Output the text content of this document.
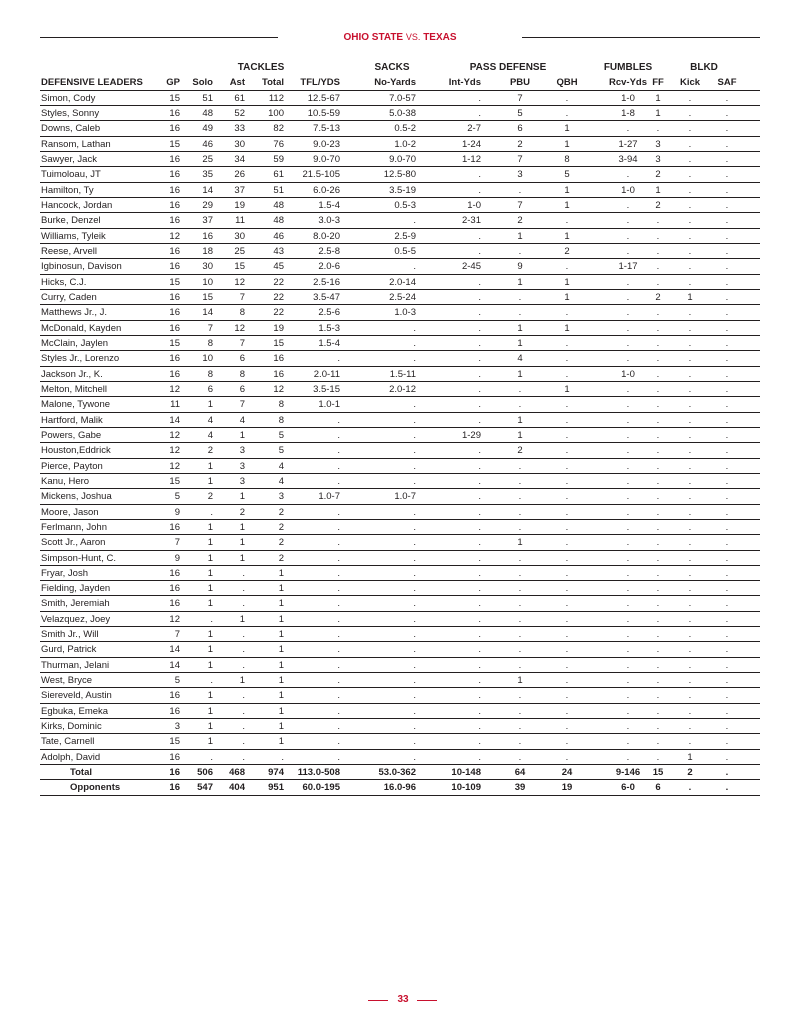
OHIO STATE VS. TEXAS
TACKLES	SACKS	PASS DEFENSE	FUMBLES	BLKD
DEFENSIVE LEADERS GP Solo Ast Total TFL/YDS	No-Yards	Int-Yds	PBU	QBH	Rcv-Yds FF Kick SAF
Simon, Cody	15 51 61	112	12.5-67	7.0-57	.	7	.	1-0 1	.	.
Styles, Sonny	16 48 52 100	10.5-59	5.0-38	.	5	.	1-8 1	.	.
Downs, Caleb	16 49 33	82	7.5-13	0.5-2	2-7	6	1	.	.	.	.
Ransom, Lathan	15 46 30	76	9.0-23	1.0-2	1-24	2	1	1-27 3	.	.
Sawyer, Jack	16 25 34	59	9.0-70	9.0-70	1-12	7	8	3-94 3	.	.
Tuimoloau, JT	16 35 26	61 21.5-105	12.5-80	.	3	5	.	2	.	.
Hamilton, Ty	16 14 37	51	6.0-26	3.5-19	.	.	1	1-0 1	.	.
Hancock, Jordan	16 29 19	48	1.5-4	0.5-3	1-0	7	1	.	2	.	.
Burke, Denzel	16 37 11	48	3.0-3	.	2-31	2	.	.	.	.	.
Williams, Tyleik	12 16 30	46	8.0-20	2.5-9	.	1	1	.	.	.	.
Reese, Arvell	16 18 25	43	2.5-8	0.5-5	.	.	2	.	.	.	.
Igbinosun, Davison	16 30 15	45	2.0-6	.	2-45	9	.	1-17 .	.	.
Hicks, C.J.	15 10 12	22	2.5-16	2.0-14	.	1	1	.	.	.	.
Curry, Caden	16 15	7	22	3.5-47	2.5-24	.	.	1	.	2	1	.
Matthews Jr., J.	16 14	8	22	2.5-6	1.0-3	.	.	.	.	.	.	.
McDonald, Kayden	16	7 12	19	1.5-3	.	.	1	1	.	.	.	.
McClain, Jaylen	15	8	7	15	1.5-4	.	.	1	.	.	.	.	.
Styles Jr., Lorenzo	16 10	6	16	.	.	.	4	.	.	.	.	.
Jackson Jr., K.	16	8	8	16	2.0-11	1.5-11	.	1	.	1-0 .	.	.
Melton, Mitchell	12	6	6	12	3.5-15	2.0-12	.	.	1	.	.	.	.
Malone, Tywone	11	1	7	8	1.0-1	.	.	.	.	.	.	.	.
Hartford, Malik	14	4	4	8	.	.	.	1	.	.	.	.	.
Powers, Gabe	12	4	1	5	.	.	1-29	1	.	.	.	.	.
Houston,Eddrick	12	2	3	5	.	.	.	2	.	.	.	.	.
Pierce, Payton	12	1	3	4	.	.	.	.	.	.	.	.	.
Kanu, Hero	15	1	3	4	.	.	.	.	.	.	.	.	.
Mickens, Joshua	5	2	1	3	1.0-7	1.0-7	.	.	.	.	.	.	.
Moore, Jason	9	.	2	2	.	.	.	.	.	.	.	.	.
Ferlmann, John	16	1	1	2	.	.	.	.	.	.	.	.	.
Scott Jr., Aaron	7	1	1	2	.	.	.	1	.	.	.	.	.
Simpson-Hunt, C.	9	1	1	2	.	.	.	.	.	.	.	.	.
Fryar, Josh	16	1	.	1	.	.	.	.	.	.	.	.	.
Fielding, Jayden	16	1	.	1	.	.	.	.	.	.	.	.	.
Smith, Jeremiah	16	1	.	1	.	.	.	.	.	.	.	.	.
Velazquez, Joey	12	.	1	1	.	.	.	.	.	.	.	.	.
Smith Jr., Will	7	1	.	1	.	.	.	.	.	.	.	.	.
Gurd, Patrick	14	1	.	1	.	.	.	.	.	.	.	.	.
Thurman, Jelani	14	1	.	1	.	.	.	.	.	.	.	.	.
West, Bryce	5	.	1	1	.	.	.	1	.	.	.	.	.
Siereveld, Austin	16	1	.	1	.	.	.	.	.	.	.	.	.
Egbuka, Emeka	16	1	.	1	.	.	.	.	.	.	.	.	.
Kirks, Dominic	3	1	.	1	.	.	.	.	.	.	.	.	.
Tate, Carnell	15	1	.	1	.	.	.	.	.	.	.	.	.
Adolph, David	16	.	.	.	.	.	.	.	.	.	.	1	.
Total	16 506 468 974 113.0-508	53.0-362	10-148	64	24	9-146 15	2	.
Opponents	16 547 404 951 60.0-195	16.0-96	10-109	39	19	6-0 6	.	.
33
